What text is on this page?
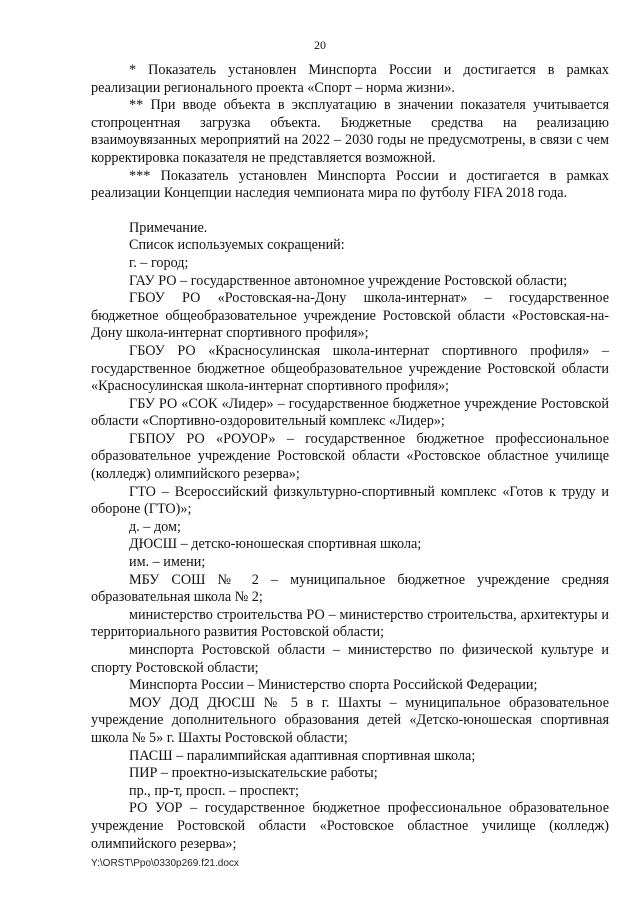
20

* Показатель установлен Минспорта России и достигается в рамках реализации регионального проекта «Спорт – норма жизни».

** При вводе объекта в эксплуатацию в значении показателя учитывается стопроцентная загрузка объекта. Бюджетные средства на реализацию взаимоувязанных мероприятий на 2022 – 2030 годы не предусмотрены, в связи с чем корректировка показателя не представляется возможной.

*** Показатель установлен Минспорта России и достигается в рамках реализации Концепции наследия чемпионата мира по футболу FIFA 2018 года.

Примечание.

Список используемых сокращений:

г. – город;

ГАУ РО – государственное автономное учреждение Ростовской области;

ГБОУ РО «Ростовская-на-Дону школа-интернат» – государственное бюджетное общеобразовательное учреждение Ростовской области «Ростовская-на-Дону школа-интернат спортивного профиля»;

ГБОУ РО «Красносулинская школа-интернат спортивного профиля» – государственное бюджетное общеобразовательное учреждение Ростовской области «Красносулинская школа-интернат спортивного профиля»;

ГБУ РО «СОК «Лидер» – государственное бюджетное учреждение Ростовской области «Спортивно-оздоровительный комплекс «Лидер»;

ГБПОУ РО «РОУОР» – государственное бюджетное профессиональное образовательное учреждение Ростовской области «Ростовское областное училище (колледж) олимпийского резерва»;

ГТО – Всероссийский физкультурно-спортивный комплекс «Готов к труду и обороне (ГТО)»;

д. – дом;

ДЮСШ – детско-юношеская спортивная школа;

им. – имени;

МБУ СОШ № 2 – муниципальное бюджетное учреждение средняя образовательная школа № 2;

министерство строительства РО – министерство строительства, архитектуры и территориального развития Ростовской области;

минспорта Ростовской области – министерство по физической культуре и спорту Ростовской области;

Минспорта России – Министерство спорта Российской Федерации;

МОУ ДОД ДЮСШ № 5 в г. Шахты – муниципальное образовательное учреждение дополнительного образования детей «Детско-юношеская спортивная школа № 5» г. Шахты Ростовской области;

ПАСШ – паралимпийская адаптивная спортивная школа;

ПИР – проектно-изыскательские работы;

пр., пр-т, просп. – проспект;

РО УОР – государственное бюджетное профессиональное образовательное учреждение Ростовской области «Ростовское областное училище (колледж) олимпийского резерва»;

Y:\ORST\Ppo\0330p269.f21.docx
